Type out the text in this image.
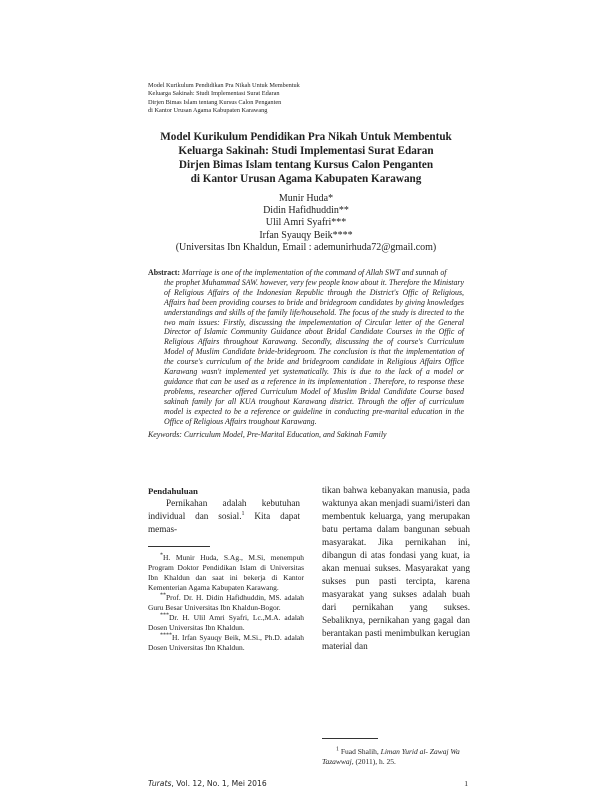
Model Kurikulum Pendidikan Pra Nikah Untuk Membentuk
Keluarga Sakinah: Studi Implementasi Surat Edaran
Dirjen Bimas Islam tentang Kursus Calon Penganten
di Kantor Urusan Agama Kabupaten Karawang
Model Kurikulum Pendidikan Pra Nikah Untuk Membentuk
Keluarga Sakinah: Studi Implementasi Surat Edaran
Dirjen Bimas Islam tentang Kursus Calon Penganten
di Kantor Urusan Agama Kabupaten Karawang
Munir Huda*
Didin Hafidhuddin**
Ulil Amri Syafri***
Irfan Syauqy Beik****
(Universitas Ibn Khaldun, Email : ademunirhuda72@gmail.com)
Abstract: Marriage is one of the implementation of the command of Allah SWT and sunnah of
the prophet Muhammad SAW. however, very few people know about it. Therefore the Ministary of Religious Affairs of the Indonesian Republic through the District's Offic of Religious, Affairs had been providing courses to bride and bridegroom candidates by giving knowledges understandings and skills of the family life/household. The focus of the study is directed to the two main issues: Firstly, discussing the impelementation of Circular letter of the General Director of Islamic Community Guidance about Bridal Candidate Courses in the Offic of Religious Affairs throughout Karawang. Secondly, discussing the of course's Curriculum Model of Muslim Candidate bride-bridegroom. The conclusion is that the implementation of the course's curriculum of the bride and bridegroom candidate in Religious Affairs Office Karawang wasn't implemented yet systematically. This is due to the lack of a model or guidance that can be used as a reference in its implementation . Therefore, to response these problems, researcher offered Curriculum Model of Muslim Bridal Candidate Course based sakinah family for all KUA troughout Karawang district. Through the offer of curriculum model is expected to be a reference or guideline in conducting pre-marital education in the Office of Religious Affairs troughout Karawang.
Keywords: Curriculum Model, Pre-Marital Education, and Sakinah Family
Pendahuluan
Pernikahan adalah kebutuhan individual dan sosial.$^1$ Kita dapat memas-
tikan bahwa kebanyakan manusia, pada waktunya akan menjadi suami/isteri dan membentuk keluarga, yang merupakan batu pertama dalam bangunan sebuah masyarakat. Jika pernikahan ini, dibangun di atas fondasi yang kuat, ia akan menuai sukses. Masyarakat yang sukses pun pasti tercipta, karena masyarakat yang sukses adalah buah dari pernikahan yang sukses. Sebaliknya, pernikahan yang gagal dan berantakan pasti menimbulkan kerugian material dan
*H. Munir Huda, S.Ag., M.Si, menempuh Program Doktor Pendidikan Islam di Universitas Ibn Khaldun dan saat ini bekerja di Kantor Kementerian Agama Kabupaten Karawang.
**Prof. Dr. H. Didin Hafidhuddin, MS. adalah Guru Besar Universitas Ibn Khaldun-Bogor.
***Dr. H. Ulil Amri Syafri, Lc.,M.A. adalah Dosen Universitas Ibn Khaldun.
****H. Irfan Syauqy Beik, M.Si., Ph.D. adalah Dosen Universitas Ibn Khaldun.
$^1$ Fuad Shalih, Liman Yurid al- Zawaj Wa Tazawwaj, (2011), h. 25.
Turats, Vol. 12, No. 1, Mei 2016	1
